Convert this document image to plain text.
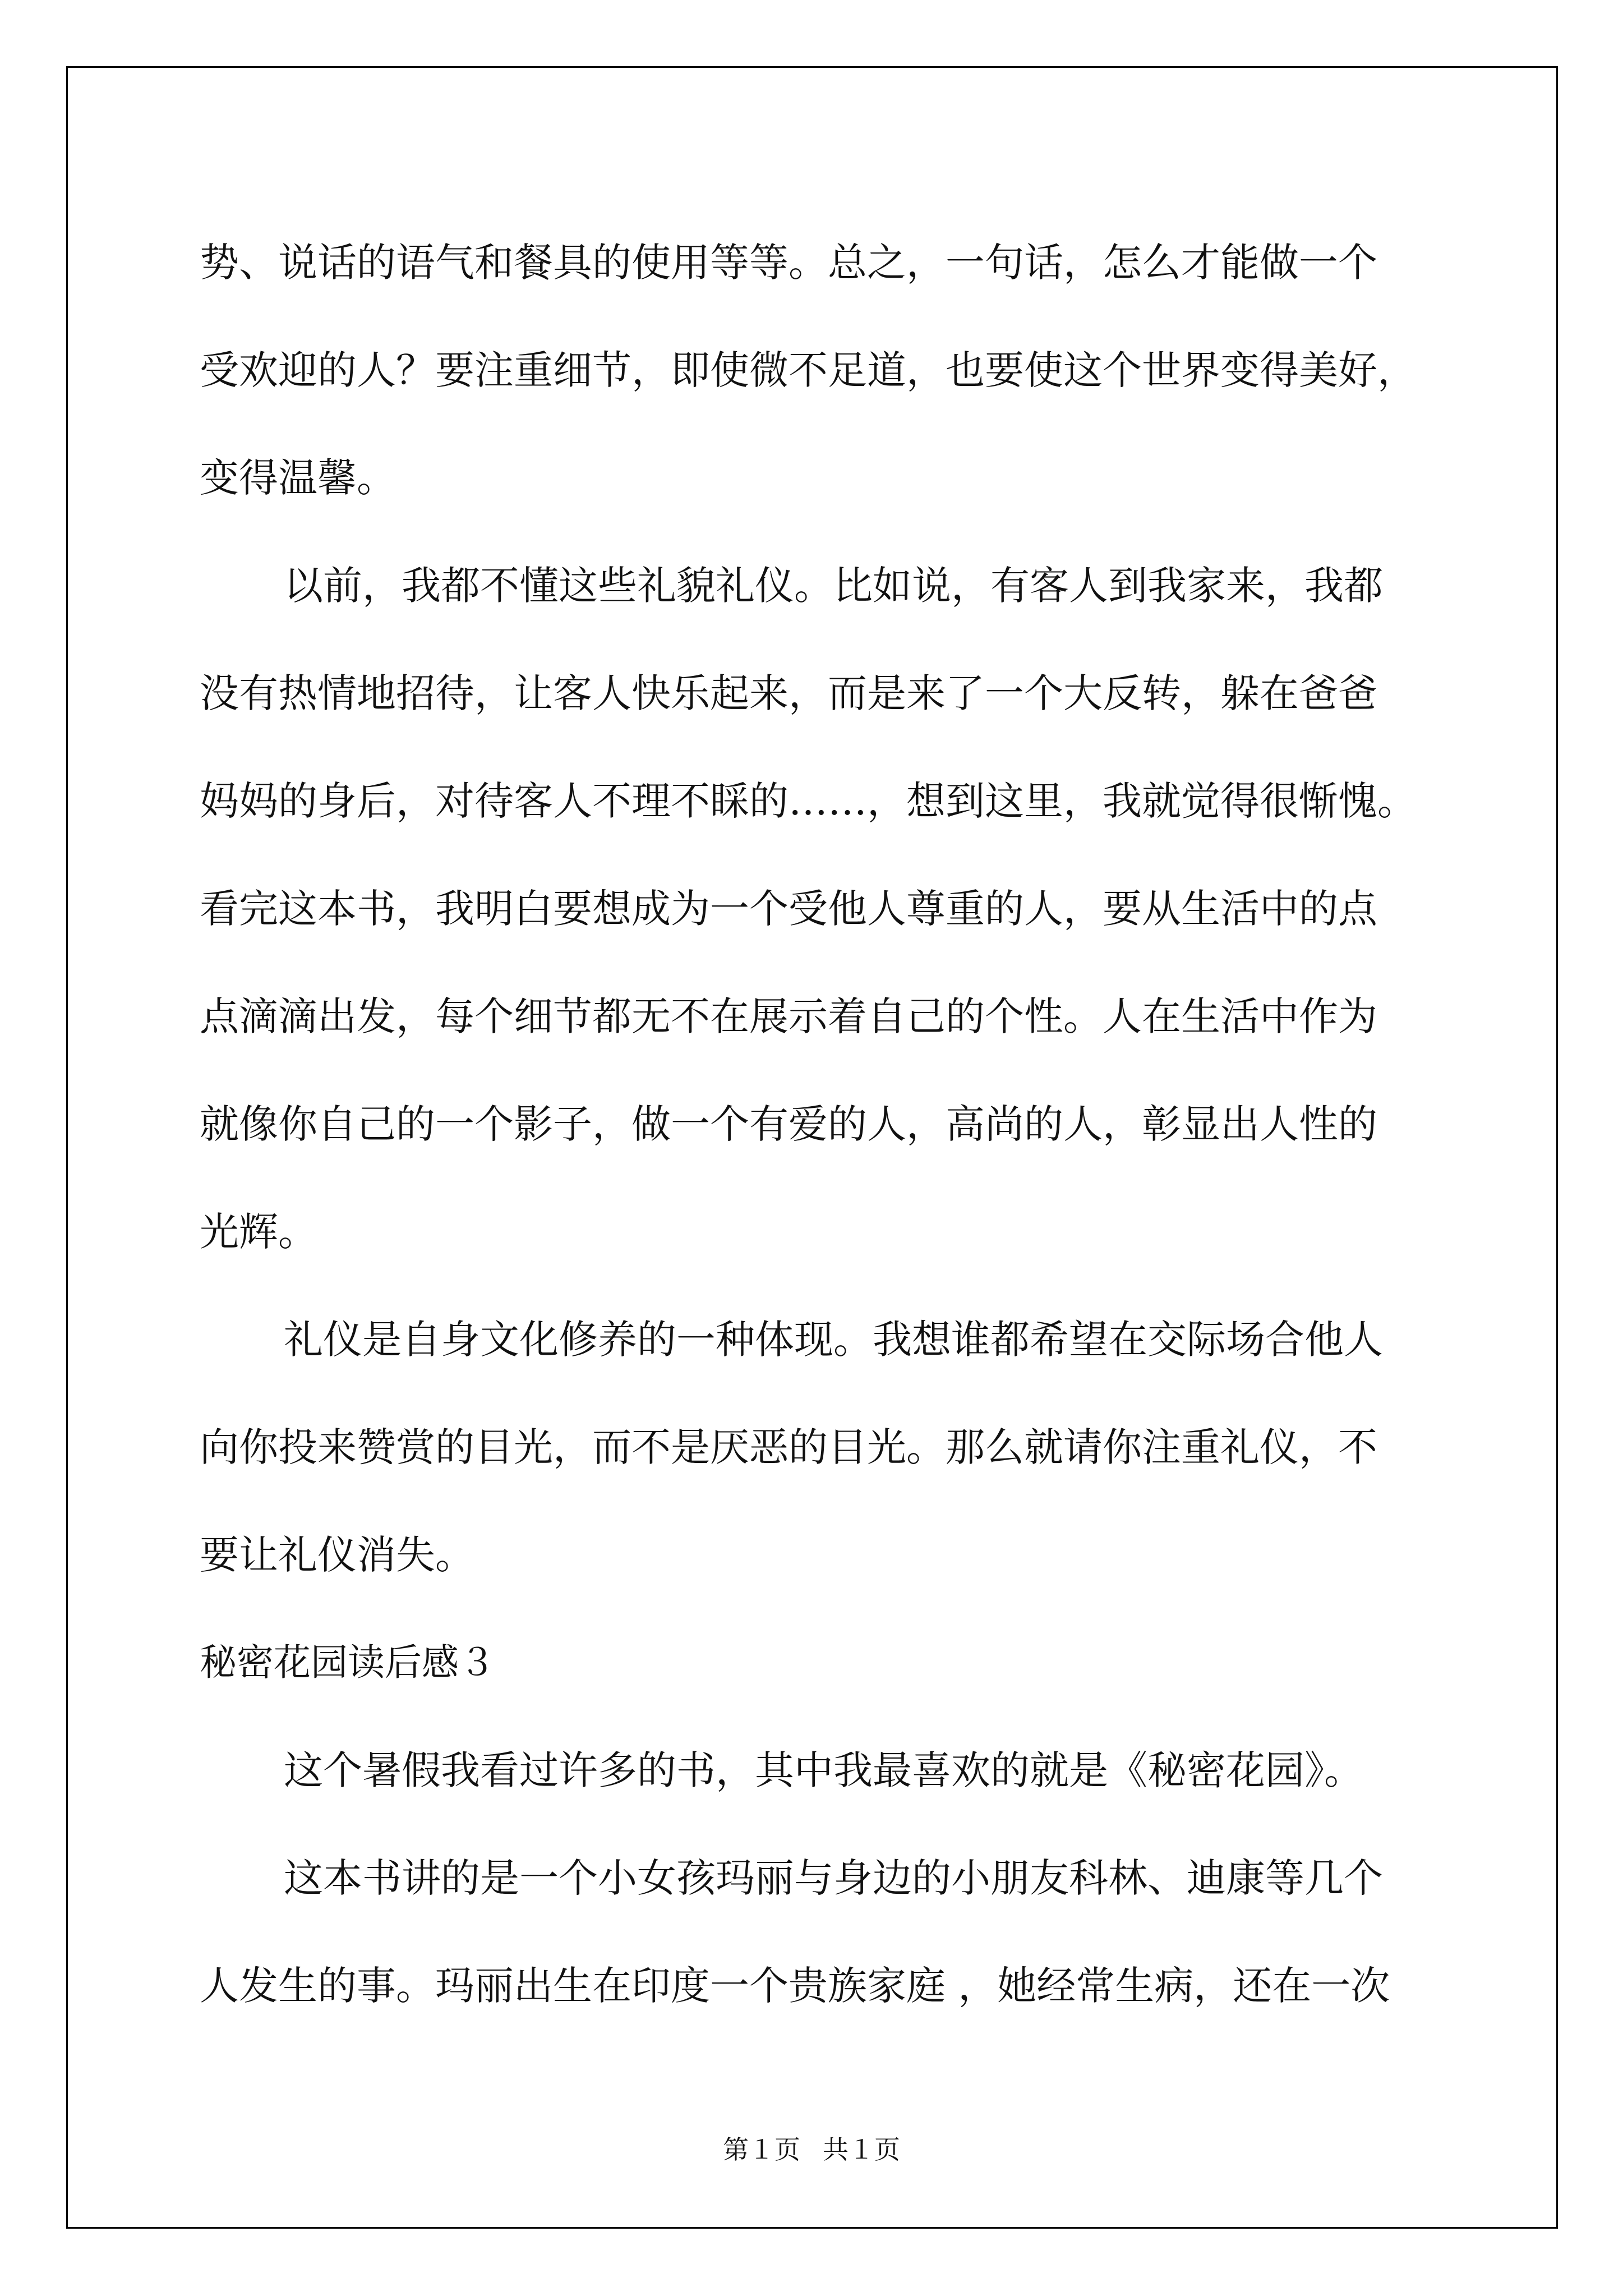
势、说话的语气和餐具的使用等等。总之，一句话，怎么才能做一个
受欢迎的人？要注重细节，即使微不足道，也要使这个世界变得美好，
变得温馨。
以前，我都不懂这些礼貌礼仪。比如说，有客人到我家来，我都
没有热情地招待，让客人快乐起来，而是来了一个大反转，躲在爸爸
妈妈的身后，对待客人不理不睬的……，想到这里，我就觉得很惭愧。
看完这本书，我明白要想成为一个受他人尊重的人，要从生活中的点
点滴滴出发，每个细节都无不在展示着自己的个性。人在生活中作为
就像你自己的一个影子，做一个有爱的人，高尚的人，彰显出人性的
光辉。
礼仪是自身文化修养的一种体现。我想谁都希望在交际场合他人
向你投来赞赏的目光，而不是厌恶的目光。那么就请你注重礼仪，不
要让礼仪消失。
秘密花园读后感３
这个暑假我看过许多的书，其中我最喜欢的就是《秘密花园》。
这本书讲的是一个小女孩玛丽与身边的小朋友科林、迪康等几个
人发生的事。玛丽出生在印度一个贵族家庭 ，她经常生病，还在一次
第１页 共１页
